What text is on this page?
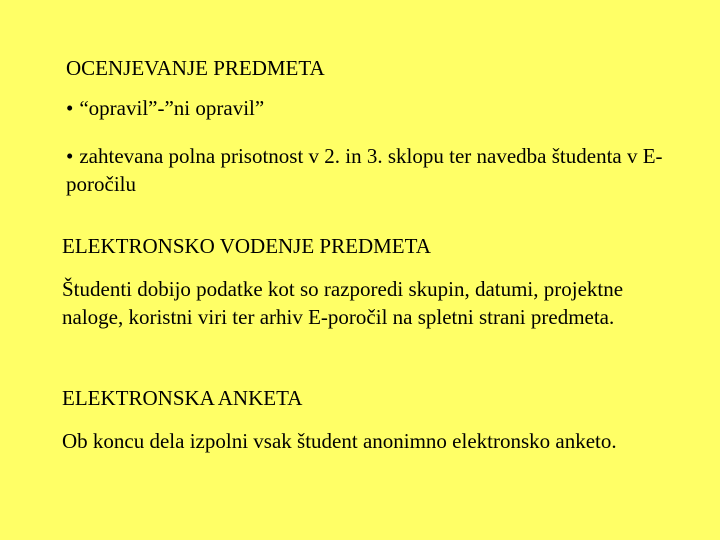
OCENJEVANJE PREDMETA

• “opravil”-”ni opravil”

• zahtevana polna prisotnost v 2. in 3. sklopu ter navedba študenta v E-poročilu

ELEKTRONSKO VODENJE PREDMETA

Študenti dobijo podatke kot so razporedi skupin, datumi, projektne naloge, koristni viri ter arhiv E-poročil na spletni strani predmeta.

ELEKTRONSKA ANKETA

Ob koncu dela izpolni vsak študent anonimno elektronsko anketo.
